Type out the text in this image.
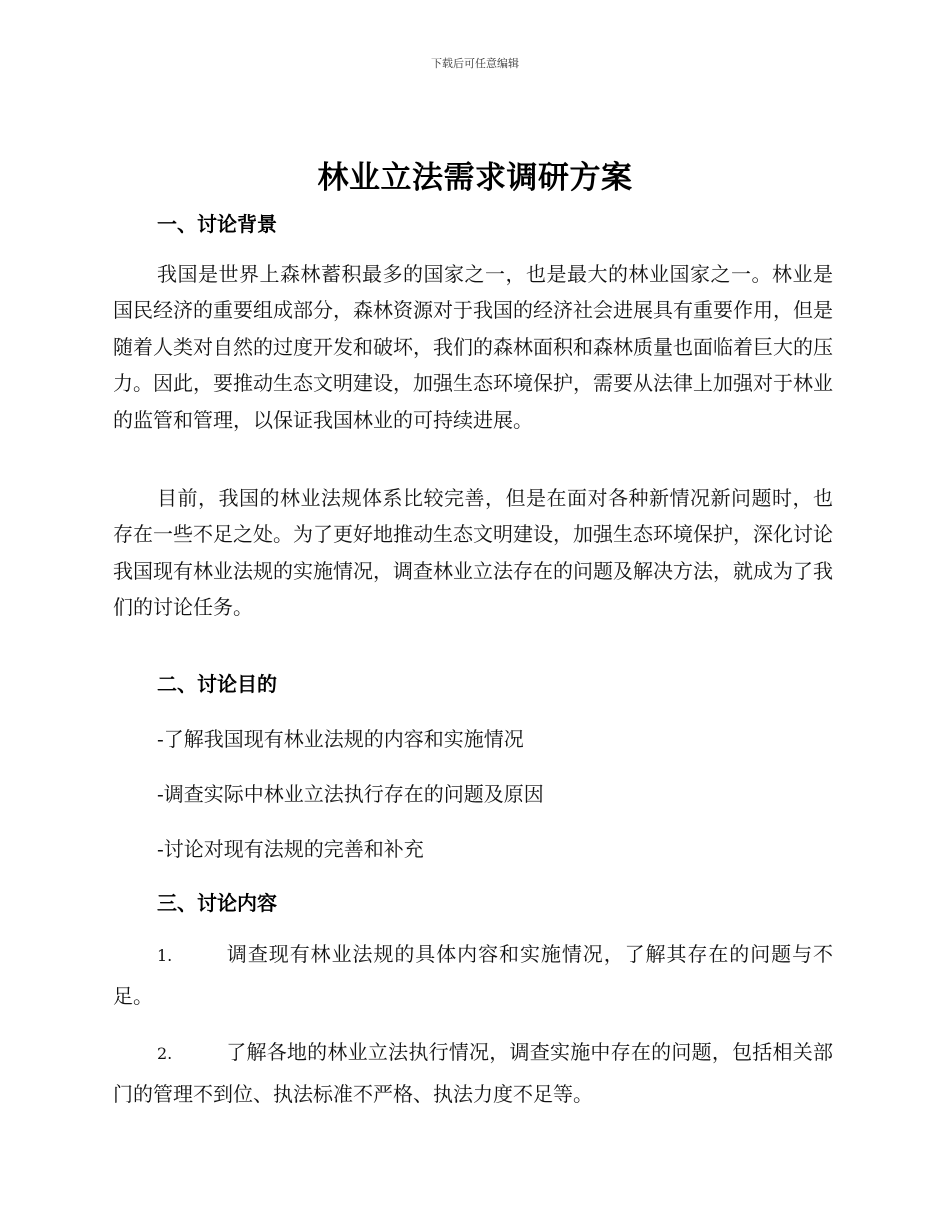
下载后可任意编辑
林业立法需求调研方案
一、讨论背景

我国是世界上森林蓄积最多的国家之一，也是最大的林业国家之一。林业是国民经济的重要组成部分，森林资源对于我国的经济社会进展具有重要作用，但是随着人类对自然的过度开发和破坏，我们的森林面积和森林质量也面临着巨大的压力。因此，要推动生态文明建设，加强生态环境保护，需要从法律上加强对于林业的监管和管理，以保证我国林业的可持续进展。

目前，我国的林业法规体系比较完善，但是在面对各种新情况新问题时，也存在一些不足之处。为了更好地推动生态文明建设，加强生态环境保护，深化讨论我国现有林业法规的实施情况，调查林业立法存在的问题及解决方法，就成为了我们的讨论任务。

二、讨论目的

-了解我国现有林业法规的内容和实施情况

-调查实际中林业立法执行存在的问题及原因

-讨论对现有法规的完善和补充

三、讨论内容

1.	调查现有林业法规的具体内容和实施情况，了解其存在的问题与不足。

2.	了解各地的林业立法执行情况，调查实施中存在的问题，包括相关部门的管理不到位、执法标准不严格、执法力度不足等。
